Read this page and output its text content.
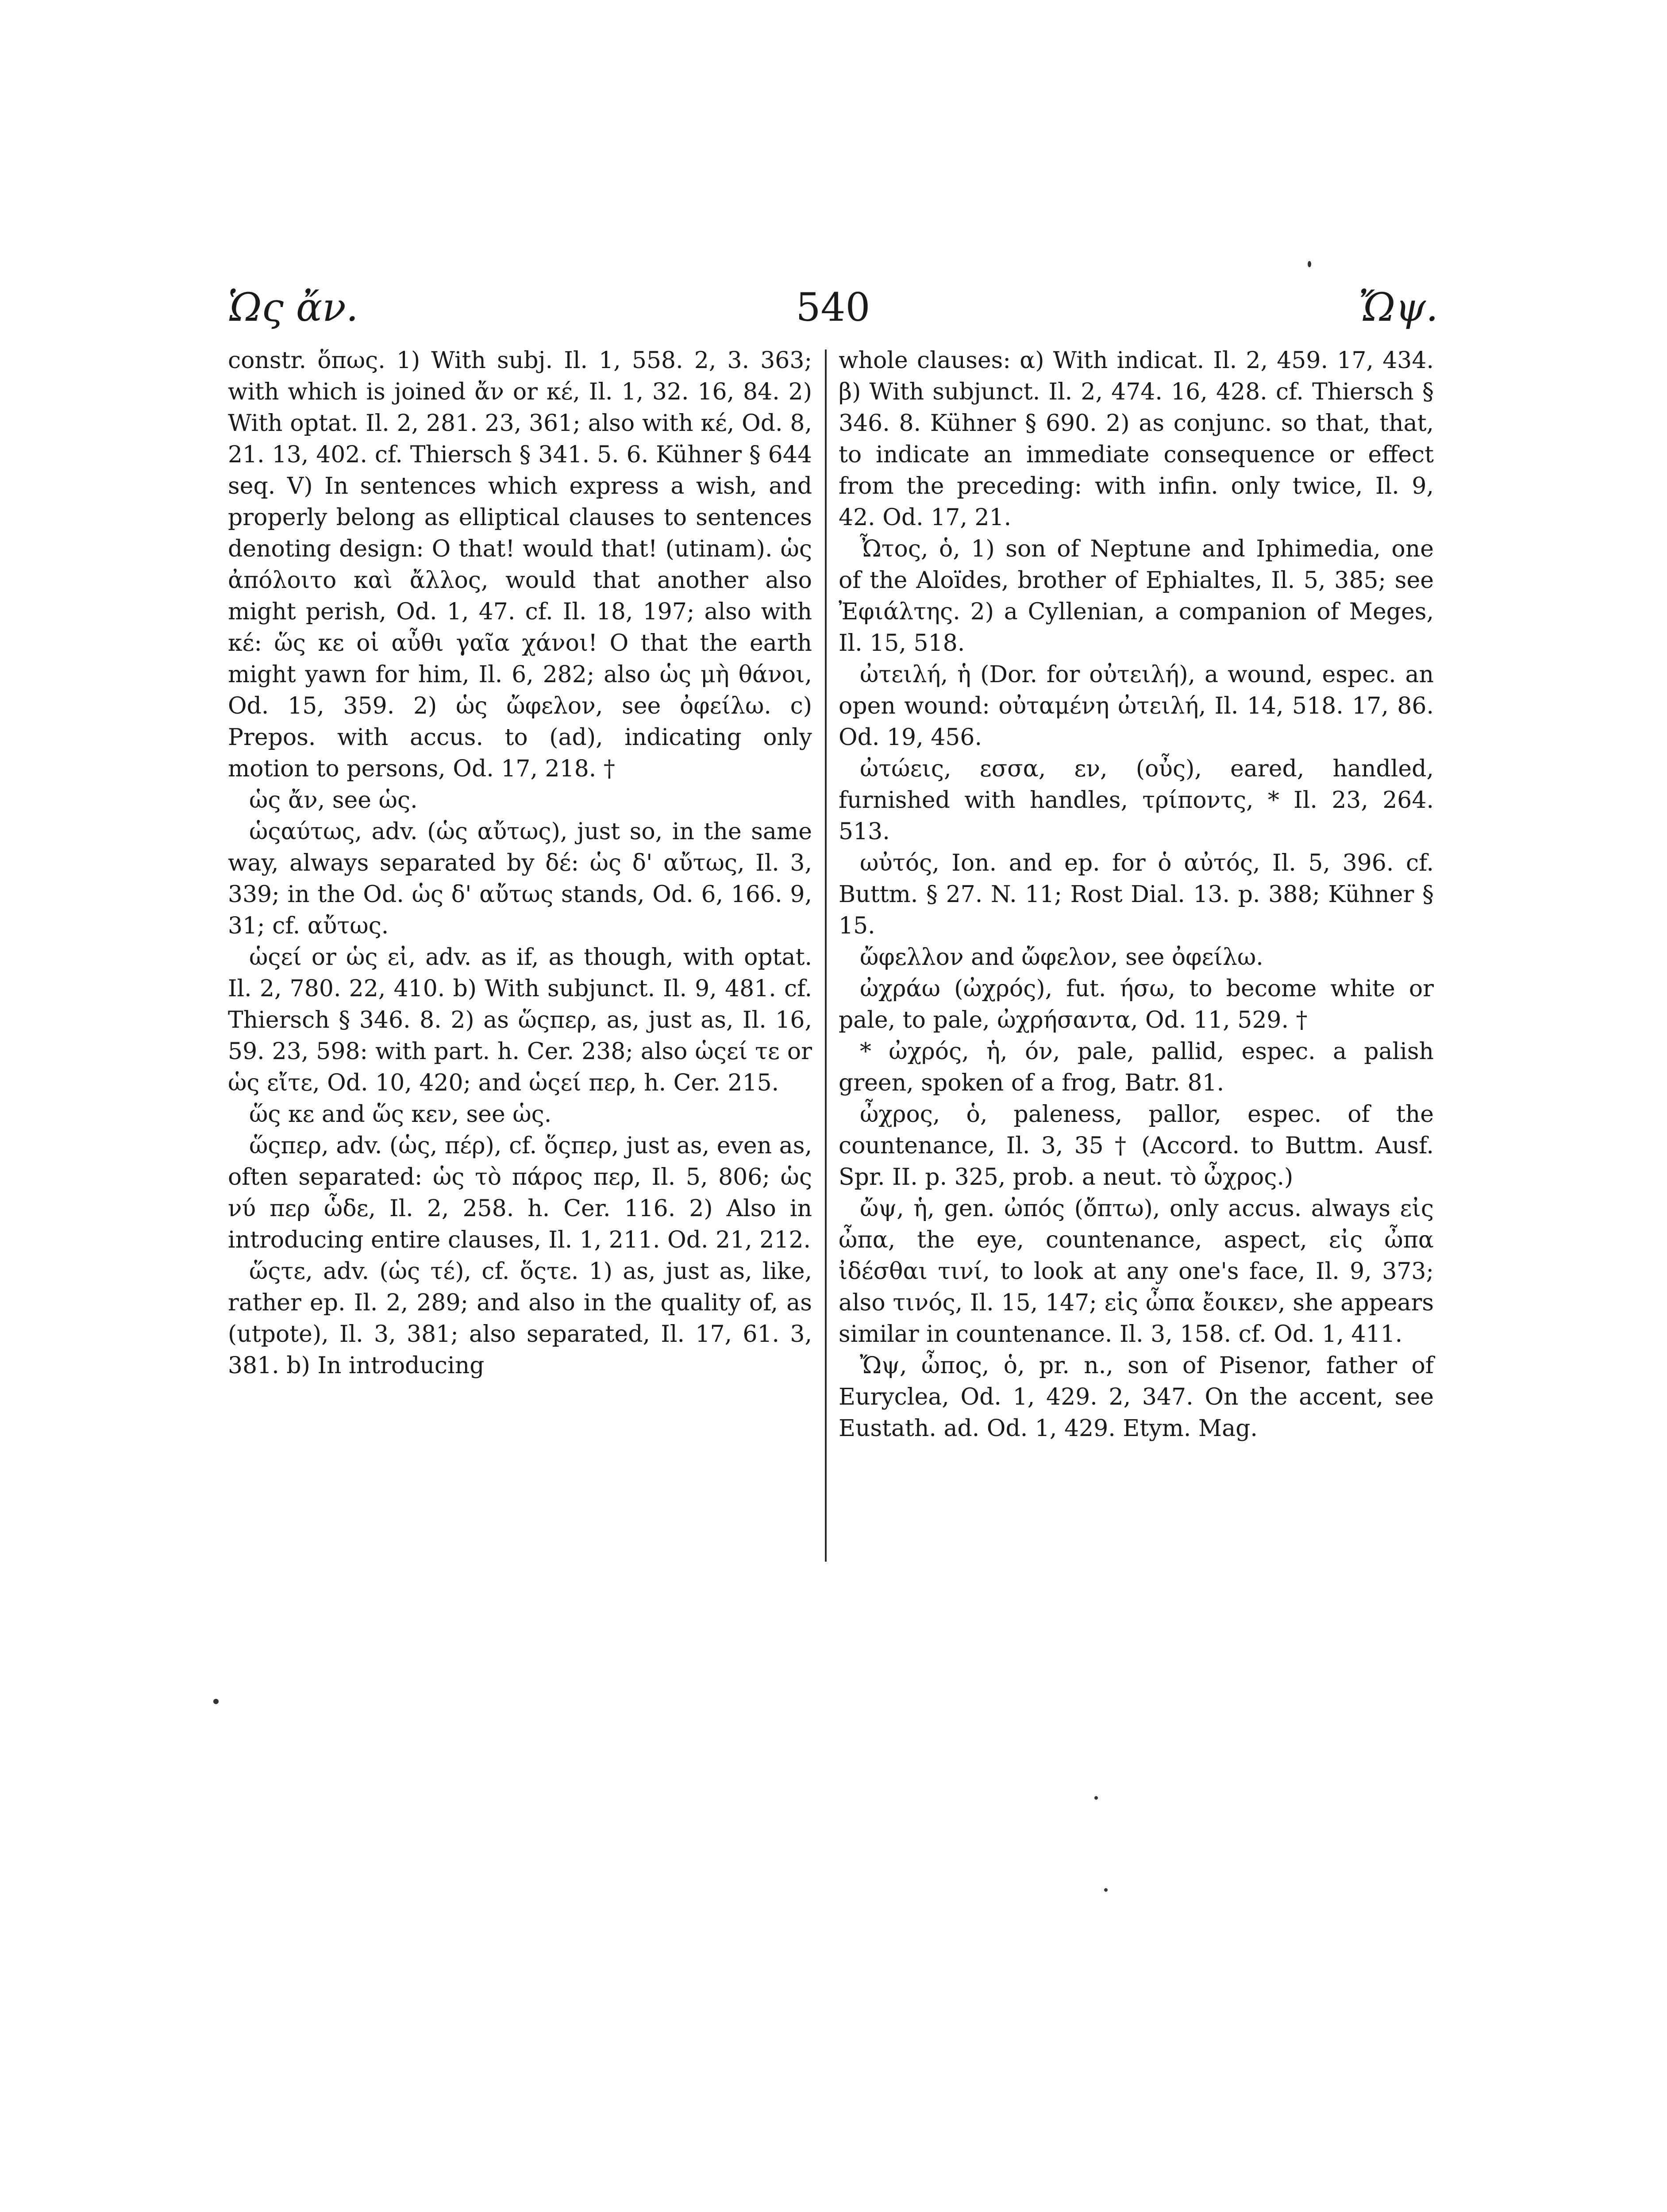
Ὡς ἄν.	540	Ὤψ.

constr. ὅπως. 1) With subj. Il. 1, 558. 2, 3. 363; with which is joined ἄν or κέ, Il. 1, 32. 16, 84. 2) With optat. Il. 2, 281. 23, 361; also with κέ, Od. 8, 21. 13, 402. cf. Thiersch § 341. 5. 6. Kühner § 644 seq. V) In sentences which express a wish, and properly belong as elliptical clauses to sentences denoting design: O that! would that! (utinam). ὡς ἀπόλοιτο καὶ ἄλλος, would that another also might perish, Od. 1, 47. cf. Il. 18, 197; also with κέ: ὥς κε οἱ αὖθι γαῖα χάνοι! O that the earth might yawn for him, Il. 6, 282; also ὡς μὴ θάνοι, Od. 15, 359. 2) ὡς ὤφελον, see ὀφείλω. c) Prepos. with accus. to (ad), indicating only motion to persons, Od. 17, 218. †

ὡς ἄν, see ὡς.

ὡςαύτως, adv. (ὡς αὔτως), just so, in the same way, always separated by δέ: ὡς δ' αὔτως, Il. 3, 339; in the Od. ὡς δ' αὔτως stands, Od. 6, 166. 9, 31; cf. αὔτως.

ὡςεί or ὡς εἰ, adv. as if, as though, with optat. Il. 2, 780. 22, 410. b) With subjunct. Il. 9, 481. cf. Thiersch § 346. 8. 2) as ὥςπερ, as, just as, Il. 16, 59. 23, 598: with part. h. Cer. 238; also ὡςεί τε or ὡς εἴτε, Od. 10, 420; and ὡςεί περ, h. Cer. 215.

ὥς κε and ὥς κεν, see ὡς.

ὥςπερ, adv. (ὡς, πέρ), cf. ὅςπερ, just as, even as, often separated: ὡς τὸ πάρος περ, Il. 5, 806; ὡς νύ περ ὧδε, Il. 2, 258. h. Cer. 116. 2) Also in introducing entire clauses, Il. 1, 211. Od. 21, 212.

ὥςτε, adv. (ὡς τέ), cf. ὅςτε. 1) as, just as, like, rather ep. Il. 2, 289; and also in the quality of, as (utpote), Il. 3, 381; also separated, Il. 17, 61. 3, 381. b) In introducing

whole clauses: α) With indicat. Il. 2, 459. 17, 434. β) With subjunct. Il. 2, 474. 16, 428. cf. Thiersch § 346. 8. Kühner § 690. 2) as conjunc. so that, that, to indicate an immediate consequence or effect from the preceding: with infin. only twice, Il. 9, 42. Od. 17, 21.

Ὦτος, ὁ, 1) son of Neptune and Iphimedia, one of the Aloïdes, brother of Ephialtes, Il. 5, 385; see Ἐφιάλτης. 2) a Cyllenian, a companion of Meges, Il. 15, 518.

ὠτειλή, ἡ (Dor. for οὐτειλή), a wound, espec. an open wound: οὐταμένη ὠτειλή, Il. 14, 518. 17, 86. Od. 19, 456.

ὠτώεις, εσσα, εν, (οὖς), eared, handled, furnished with handles, τρίποντς, * Il. 23, 264. 513.

ωὐτός, Ion. and ep. for ὁ αὐτός, Il. 5, 396. cf. Buttm. § 27. N. 11; Rost Dial. 13. p. 388; Kühner § 15.

ὤφελλον and ὤφελον, see ὀφείλω.

ὠχράω (ὠχρός), fut. ήσω, to become white or pale, to pale, ὠχρήσαντα, Od. 11, 529. †

* ὠχρός, ἡ, όν, pale, pallid, espec. a palish green, spoken of a frog, Batr. 81.

ὦχρος, ὁ, paleness, pallor, espec. of the countenance, Il. 3, 35 † (Accord. to Buttm. Ausf. Spr. II. p. 325, prob. a neut. τὸ ὦχρος.)

ὤψ, ἡ, gen. ὠπός (ὄπτω), only accus. always εἰς ὦπα, the eye, countenance, aspect, εἰς ὦπα ἰδέσθαι τινί, to look at any one's face, Il. 9, 373; also τινός, Il. 15, 147; εἰς ὦπα ἔοικεν, she appears similar in countenance. Il. 3, 158. cf. Od. 1, 411.

Ὤψ, ὦπος, ὁ, pr. n., son of Pisenor, father of Euryclea, Od. 1, 429. 2, 347. On the accent, see Eustath. ad. Od. 1, 429. Etym. Mag.
